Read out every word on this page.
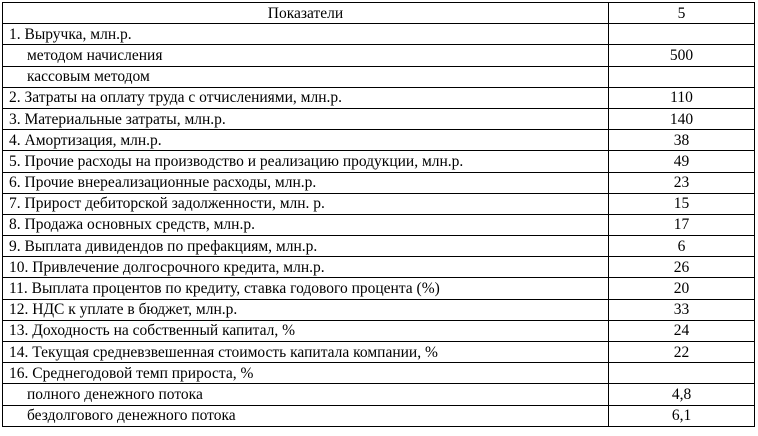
Показатели	5
1. Выручка, млн.р.	
методом начисления	500
кассовым методом	
2. Затраты на оплату труда с отчислениями, млн.р.	110
3. Материальные затраты, млн.р.	140
4. Амортизация, млн.р.	38
5. Прочие расходы на производство и реализацию продукции, млн.р.	49
6. Прочие внереализационные расходы, млн.р.	23
7. Прирост дебиторской задолженности, млн. р.	15
8. Продажа основных средств, млн.р.	17
9. Выплата дивидендов по префакциям, млн.р.	6
10. Привлечение долгосрочного кредита, млн.р.	26
11. Выплата процентов по кредиту, ставка годового процента (%)	20
12. НДС к уплате в бюджет, млн.р.	33
13. Доходность на собственный капитал, %	24
14. Текущая средневзвешенная стоимость капитала компании, %	22
16. Среднегодовой темп прироста, %	
полного денежного потока	4,8
бездолгового денежного потока	6,1
